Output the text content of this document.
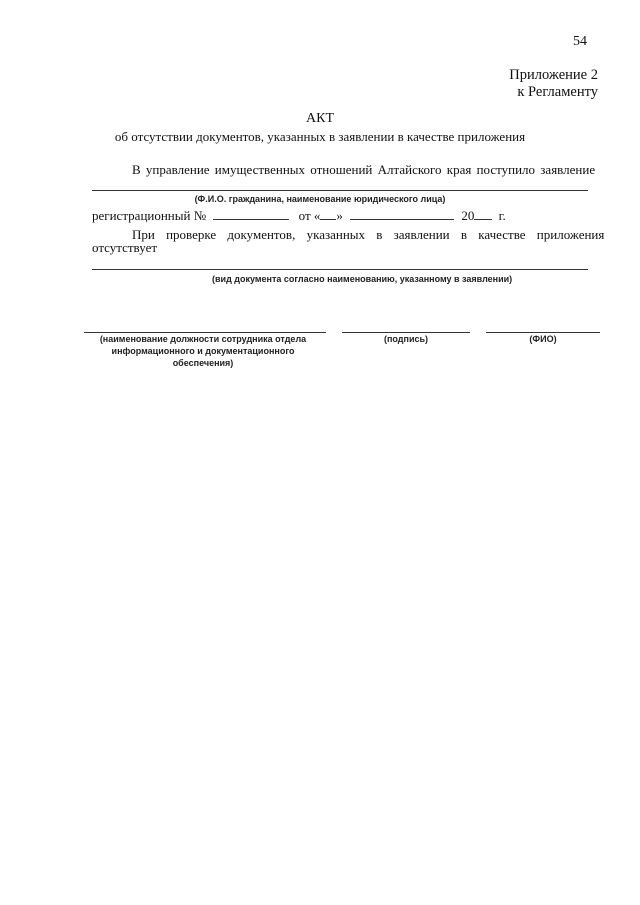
54
Приложение 2
к Регламенту
АКТ
об отсутствии документов, указанных в заявлении в качестве приложения
В управление имущественных отношений Алтайского края поступило заявление
(Ф.И.О. гражданина, наименование юридического лица)
регистрационный №	от « »	20 г.
При проверке документов, указанных в заявлении в качестве приложения
отсутствует
(вид документа согласно наименованию, указанному в заявлении)
(наименование должности сотрудника отдела информационного и документационного обеспечения)
(подпись)	(ФИО)
